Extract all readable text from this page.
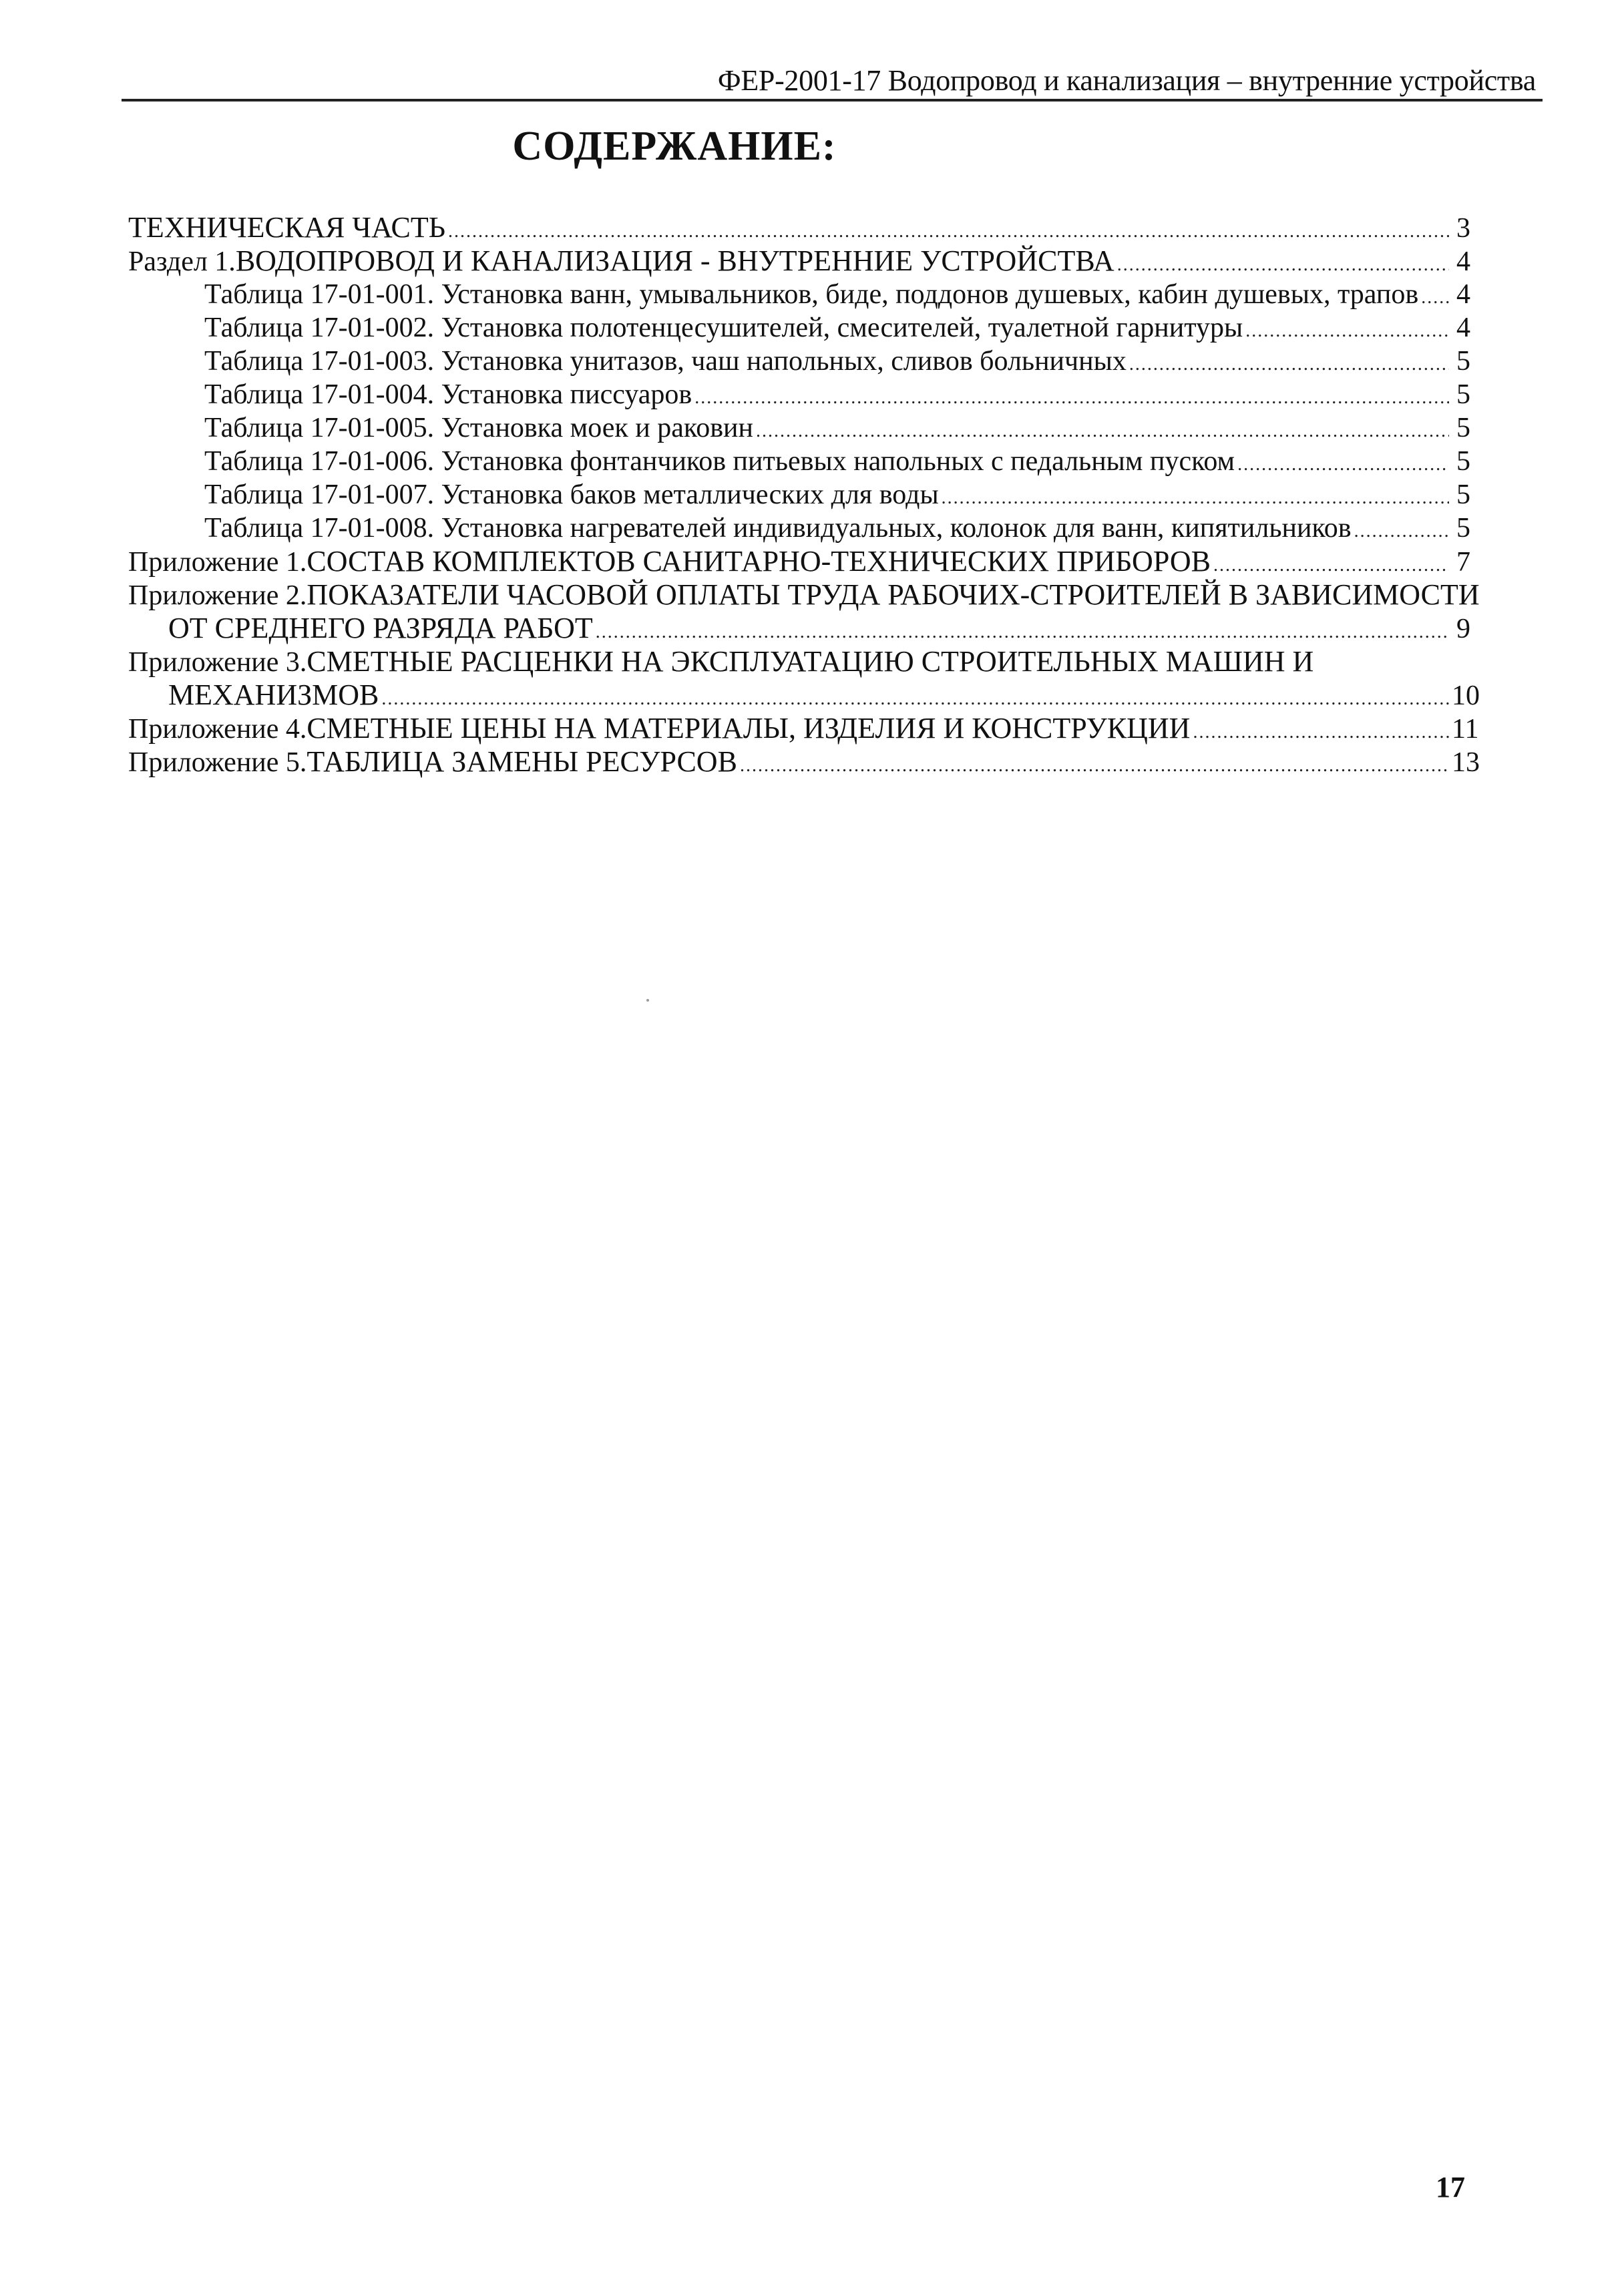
ФЕР-2001-17 Водопровод и канализация – внутренние устройства
СОДЕРЖАНИЕ:
ТЕХНИЧЕСКАЯ ЧАСТЬ .....	3
Раздел 1. ВОДОПРОВОД И КАНАЛИЗАЦИЯ - ВНУТРЕННИЕ УСТРОЙСТВА .....	4
Таблица 17-01-001. Установка ванн, умывальников, биде, поддонов душевых, кабин душевых, трапов ..... 4
Таблица 17-01-002. Установка полотенцесушителей, смесителей, туалетной гарнитуры .....	4
Таблица 17-01-003. Установка унитазов, чаш напольных, сливов больничных .....	5
Таблица 17-01-004. Установка писсуаров .....	5
Таблица 17-01-005. Установка моек и раковин .....	5
Таблица 17-01-006. Установка фонтанчиков питьевых напольных с педальным пуском .....	5
Таблица 17-01-007. Установка баков металлических для воды .....	5
Таблица 17-01-008. Установка нагревателей индивидуальных, колонок для ванн, кипятильников .....	5
Приложение 1. СОСТАВ КОМПЛЕКТОВ САНИТАРНО-ТЕХНИЧЕСКИХ ПРИБОРОВ .....	7
Приложение 2. ПОКАЗАТЕЛИ ЧАСОВОЙ ОПЛАТЫ ТРУДА РАБОЧИХ-СТРОИТЕЛЕЙ В ЗАВИСИМОСТИ
ОТ СРЕДНЕГО РАЗРЯДА РАБОТ .....	9
Приложение 3. СМЕТНЫЕ РАСЦЕНКИ НА ЭКСПЛУАТАЦИЮ СТРОИТЕЛЬНЫХ МАШИН И
МЕХАНИЗМОВ .....	10
Приложение 4. СМЕТНЫЕ ЦЕНЫ НА МАТЕРИАЛЫ, ИЗДЕЛИЯ И КОНСТРУКЦИИ .....	11
Приложение 5. ТАБЛИЦА ЗАМЕНЫ РЕСУРСОВ .....	13
17
